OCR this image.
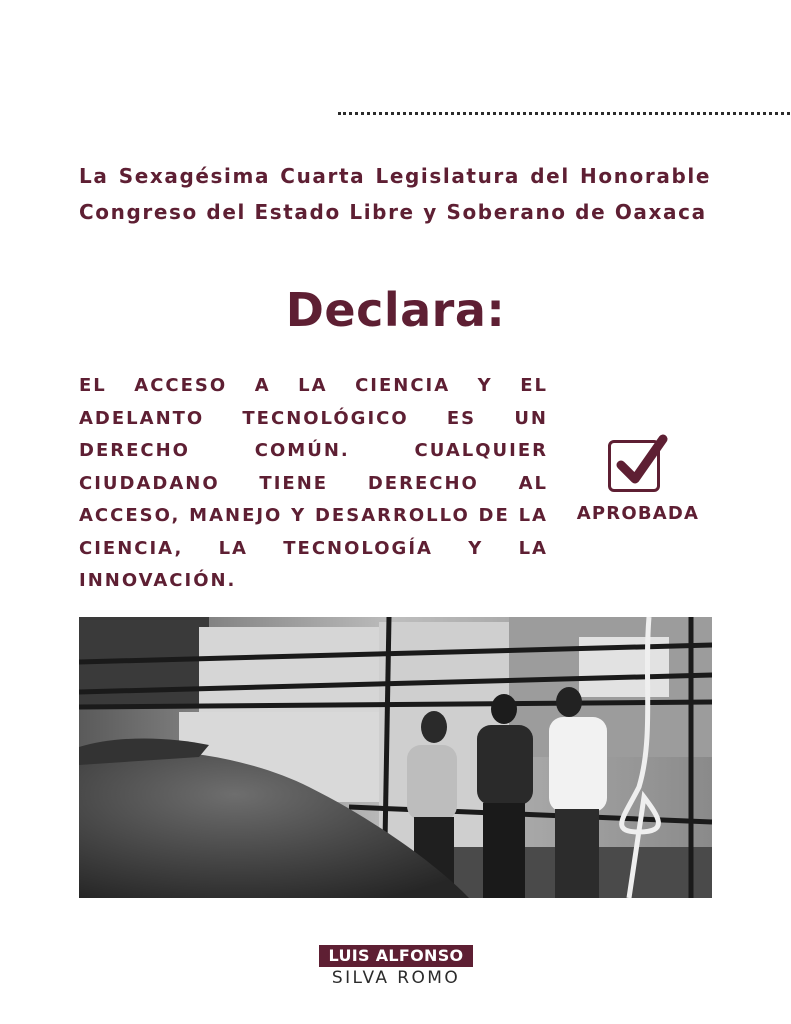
La Sexagésima Cuarta Legislatura del Honorable Congreso del Estado Libre y Soberano de Oaxaca

Declara:

EL ACCESO A LA CIENCIA Y EL ADELANTO TECNOLÓGICO ES UN DERECHO COMÚN. CUALQUIER CIUDADANO TIENE DERECHO AL ACCESO, MANEJO Y DESARROLLO DE LA CIENCIA, LA TECNOLOGÍA Y LA INNOVACIÓN.

APROBADA
LUIS ALFONSO
SILVA ROMO
